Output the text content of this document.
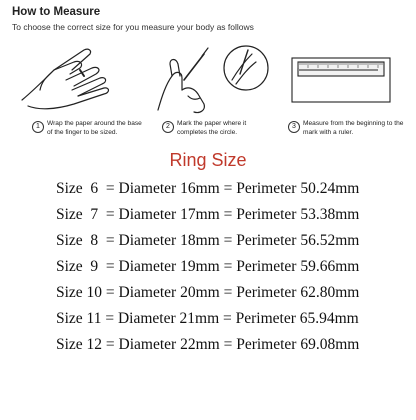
How to Measure
To choose the correct size for you measure your body as follows
1	Wrap the paper around the base of the finger to be sized.
2	Mark the paper where it completes the circle.
3	Measure from the beginning to the mark with a ruler.
Ring Size
Size  6  = Diameter 16mm = Perimeter 50.24mm
Size  7  = Diameter 17mm = Perimeter 53.38mm
Size  8  = Diameter 18mm = Perimeter 56.52mm
Size  9  = Diameter 19mm = Perimeter 59.66mm
Size 10 = Diameter 20mm = Perimeter 62.80mm
Size 11 = Diameter 21mm = Perimeter 65.94mm
Size 12 = Diameter 22mm = Perimeter 69.08mm
